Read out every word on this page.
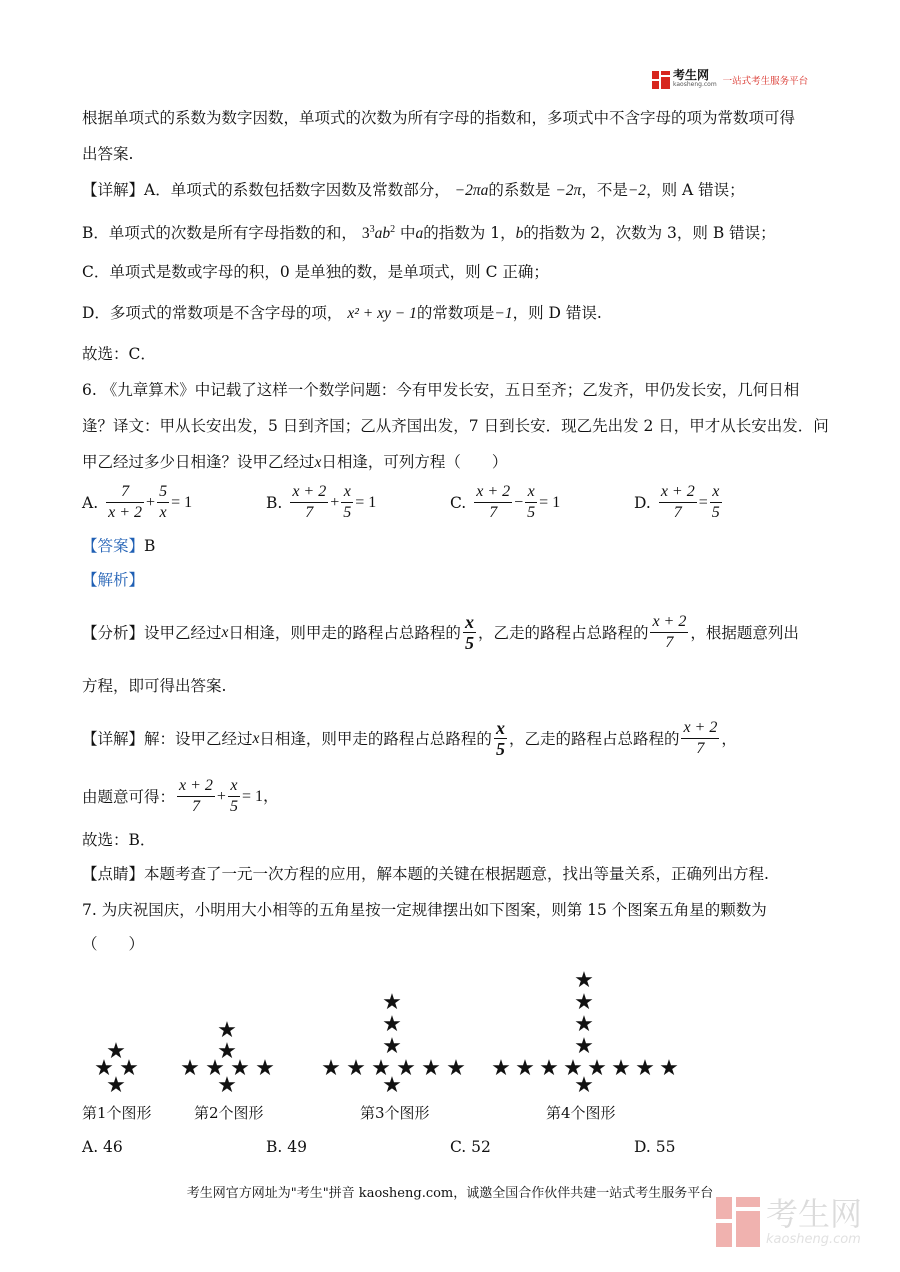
考生网
kaosheng.com 一站式考生服务平台
根据单项式的系数为数字因数，单项式的次数为所有字母的指数和，多项式中不含字母的项为常数项可得
出答案.
【详解】A．单项式的系数包括数字因数及常数部分， −2πa的系数是 −2π，不是−2，则 A 错误；
B．单项式的次数是所有字母指数的和， $3^3ab^2$ 中a的指数为 1，b的指数为 2，次数为 3，则 B 错误；
C．单项式是数或字母的积，0 是单独的数，是单项式，则 C 正确；
D．多项式的常数项是不含字母的项， x² + xy − 1的常数项是−1，则 D 错误.
故选：C．
6. 《九章算术》中记载了这样一个数学问题：今有甲发长安，五日至齐；乙发齐，甲仍发长安，几何日相
逢？译文：甲从长安出发，5 日到齐国；乙从齐国出发，7 日到长安．现乙先出发 2 日，甲才从长安出发．问
甲乙经过多少日相逢？设甲乙经过x日相逢，可列方程（　　）
A. $\frac{7}{x + 2} + \frac{5}{x} = 1$	B. $\frac{x + 2}{7} + \frac{x}{5} = 1$	C. $\frac{x + 2}{7} - \frac{x}{5} = 1$	D. $\frac{x + 2}{7} = \frac{x}{5}$
【答案】B
【解析】
【分析】 设甲乙经过 x 日相逢，则甲走的路程占总路程的 $\frac{x}{5}$ ，乙走的路程占总路程的 $\frac{x + 2}{7}$ ，根据题意列出
方程，即可得出答案.
【详解】 解：设甲乙经过 x 日相逢，则甲走的路程占总路程的 $\frac{x}{5}$ ，乙走的路程占总路程的 $\frac{x + 2}{7}$ ，
由题意可得： $\frac{x + 2}{7} + \frac{x}{5} = 1$，
故选：B．
【点睛】本题考查了一元一次方程的应用，解本题的关键在根据题意，找出等量关系，正确列出方程.
7. 为庆祝国庆，小明用大小相等的五角星按一定规律摆出如下图案，则第 15 个图案五角星的颗数为
（　　）
★
★ ★
★
★
★
★ ★ ★ ★
★
★
★
★
★ ★ ★ ★ ★ ★
★
★
★
★
★
★ ★ ★ ★ ★ ★ ★ ★
★
第1个图形	第2个图形	第3个图形	第4个图形
A. 46	B. 49	C. 52	D. 55
考生网官方网址为"考生"拼音 kaosheng.com，诚邀全国合作伙伴共建一站式考生服务平台
考生网
kaosheng.com
